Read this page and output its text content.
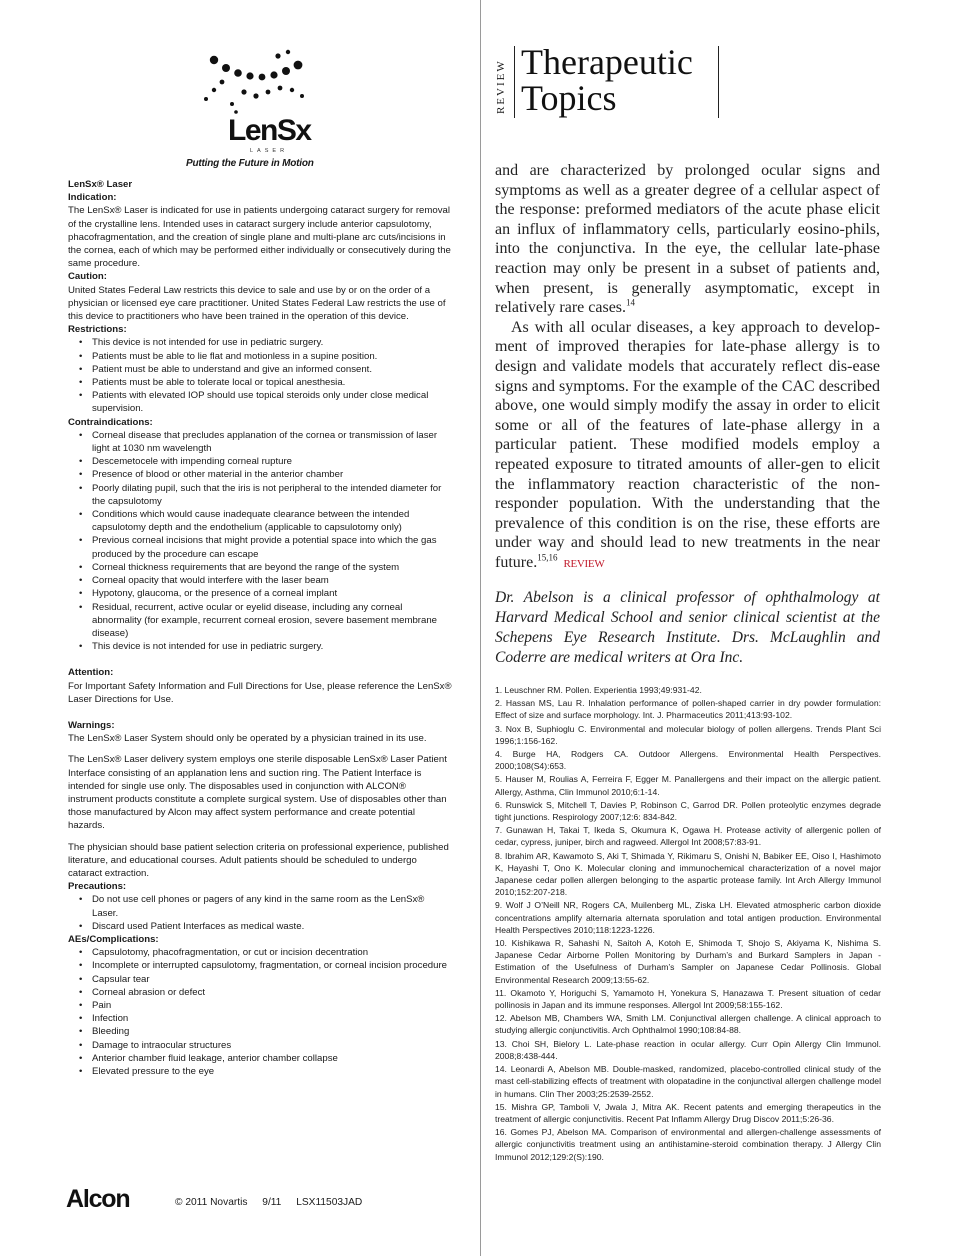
LenSx
LASER
Putting the Future in Motion

LenSx® Laser

Indication:

The LenSx® Laser is indicated for use in patients undergoing cataract surgery for removal of the crystalline lens. Intended uses in cataract surgery include anterior capsulotomy, phacofragmentation, and the creation of single plane and multi-plane arc cuts/incisions in the cornea, each of which may be performed either individually or consecutively during the same procedure.

Caution:

United States Federal Law restricts this device to sale and use by or on the order of a physician or licensed eye care practitioner. United States Federal Law restricts the use of this device to practitioners who have been trained in the operation of this device.

Restrictions:

• This device is not intended for use in pediatric surgery.
• Patients must be able to lie flat and motionless in a supine position.
• Patient must be able to understand and give an informed consent.
• Patients must be able to tolerate local or topical anesthesia.
• Patients with elevated IOP should use topical steroids only under close medical supervision.

Contraindications:

• Corneal disease that precludes applanation of the cornea or transmission of laser light at 1030 nm wavelength
• Descemetocele with impending corneal rupture
• Presence of blood or other material in the anterior chamber
• Poorly dilating pupil, such that the iris is not peripheral to the intended diameter for the capsulotomy
• Conditions which would cause inadequate clearance between the intended capsulotomy depth and the endothelium (applicable to capsulotomy only)
• Previous corneal incisions that might provide a potential space into which the gas produced by the procedure can escape
• Corneal thickness requirements that are beyond the range of the system
• Corneal opacity that would interfere with the laser beam
• Hypotony, glaucoma, or the presence of a corneal implant
• Residual, recurrent, active ocular or eyelid disease, including any corneal abnormality (for example, recurrent corneal erosion, severe basement membrane disease)
• This device is not intended for use in pediatric surgery.

Attention:

For Important Safety Information and Full Directions for Use, please reference the LenSx® Laser Directions for Use.

Warnings:

The LenSx® Laser System should only be operated by a physician trained in its use.

The LenSx® Laser delivery system employs one sterile disposable LenSx® Laser Patient Interface consisting of an applanation lens and suction ring. The Patient Interface is intended for single use only. The disposables used in conjunction with ALCON® instrument products constitute a complete surgical system. Use of disposables other than those manufactured by Alcon may affect system performance and create potential hazards.

The physician should base patient selection criteria on professional experience, published literature, and educational courses. Adult patients should be scheduled to undergo cataract extraction.

Precautions:

• Do not use cell phones or pagers of any kind in the same room as the LenSx® Laser.
• Discard used Patient Interfaces as medical waste.

AEs/Complications:

• Capsulotomy, phacofragmentation, or cut or incision decentration
• Incomplete or interrupted capsulotomy, fragmentation, or corneal incision procedure
• Capsular tear
• Corneal abrasion or defect
• Pain
• Infection
• Bleeding
• Damage to intraocular structures
• Anterior chamber fluid leakage, anterior chamber collapse
• Elevated pressure to the eye
Alcon	© 2011 Novartis 9/11 LSX11503JAD
REVIEW Therapeutic
Topics

and are characterized by prolonged ocular signs and symptoms as well as a greater degree of a cellular aspect of the response: preformed mediators of the acute phase elicit an influx of inflammatory cells, particularly eosino-phils, into the conjunctiva. In the eye, the cellular late-phase reaction may only be present in a subset of patients and, when present, is generally asymptomatic, except in relatively rare cases.$^{14}$

As with all ocular diseases, a key approach to develop-ment of improved therapies for late-phase allergy is to design and validate models that accurately reflect dis-ease signs and symptoms. For the example of the CAC described above, one would simply modify the assay in order to elicit some or all of the features of late-phase allergy in a particular patient. These modified models employ a repeated exposure to titrated amounts of aller-gen to elicit the inflammatory reaction characteristic of the non-responder population. With the understanding that the prevalence of this condition is on the rise, these efforts are under way and should lead to new treatments in the near future.$^{15,16}$REVIEW

Dr. Abelson is a clinical professor of ophthalmology at Harvard Medical School and senior clinical scientist at the Schepens Eye Research Institute. Drs. McLaughlin and Coderre are medical writers at Ora Inc.
1. Leuschner RM. Pollen. Experientia 1993;49:931-42.
2. Hassan MS, Lau R. Inhalation performance of pollen-shaped carrier in dry powder formulation: Effect of size and surface morphology. Int. J. Pharmaceutics 2011;413:93-102.
3. Nox B, Suphioglu C. Environmental and molecular biology of pollen allergens. Trends Plant Sci 1996;1:156-162.
4. Burge HA, Rodgers CA. Outdoor Allergens. Environmental Health Perspectives. 2000;108(S4):653.
5. Hauser M, Roulias A, Ferreira F, Egger M. Panallergens and their impact on the allergic patient. Allergy, Asthma, Clin Immunol 2010;6:1-14.
6. Runswick S, Mitchell T, Davies P, Robinson C, Garrod DR. Pollen proteolytic enzymes degrade tight junctions. Respirology 2007;12:6: 834-842.
7. Gunawan H, Takai T, Ikeda S, Okumura K, Ogawa H. Protease activity of allergenic pollen of cedar, cypress, juniper, birch and ragweed. Allergol Int 2008;57:83-91.
8. Ibrahim AR, Kawamoto S, Aki T, Shimada Y, Rikimaru S, Onishi N, Babiker EE, Oiso I, Hashimoto K, Hayashi T, Ono K. Molecular cloning and immunochemical characterization of a novel major Japanese cedar pollen allergen belonging to the aspartic protease family. Int Arch Allergy Immunol 2010;152:207-218.
9. Wolf J O’Neill NR, Rogers CA, Muilenberg ML, Ziska LH. Elevated atmospheric carbon dioxide concentrations amplify alternaria alternata sporulation and total antigen production. Environmental Health Perspectives 2010;118:1223-1226.
10. Kishikawa R, Sahashi N, Saitoh A, Kotoh E, Shimoda T, Shojo S, Akiyama K, Nishima S. Japanese Cedar Airborne Pollen Monitoring by Durham’s and Burkard Samplers in Japan - Estimation of the Usefulness of Durham’s Sampler on Japanese Cedar Pollinosis. Global Environmental Research 2009;13:55-62.
11. Okamoto Y, Horiguchi S, Yamamoto H, Yonekura S, Hanazawa T. Present situation of cedar pollinosis in Japan and its immune responses. Allergol Int 2009;58:155-162.
12. Abelson MB, Chambers WA, Smith LM. Conjunctival allergen challenge. A clinical approach to studying allergic conjunctivitis. Arch Ophthalmol 1990;108:84-88.
13. Choi SH, Bielory L. Late-phase reaction in ocular allergy. Curr Opin Allergy Clin Immunol. 2008;8:438-444.
14. Leonardi A, Abelson MB. Double-masked, randomized, placebo-controlled clinical study of the mast cell-stabilizing effects of treatment with olopatadine in the conjunctival allergen challenge model in humans. Clin Ther 2003;25:2539-2552.
15. Mishra GP, Tamboli V, Jwala J, Mitra AK. Recent patents and emerging therapeutics in the treatment of allergic conjunctivitis. Recent Pat Inflamm Allergy Drug Discov 2011;5:26-36.
16. Gomes PJ, Abelson MA. Comparison of environmental and allergen-challenge assessments of allergic conjunctivitis treatment using an antihistamine-steroid combination therapy. J Allergy Clin Immunol 2012;129:2(S):190.
